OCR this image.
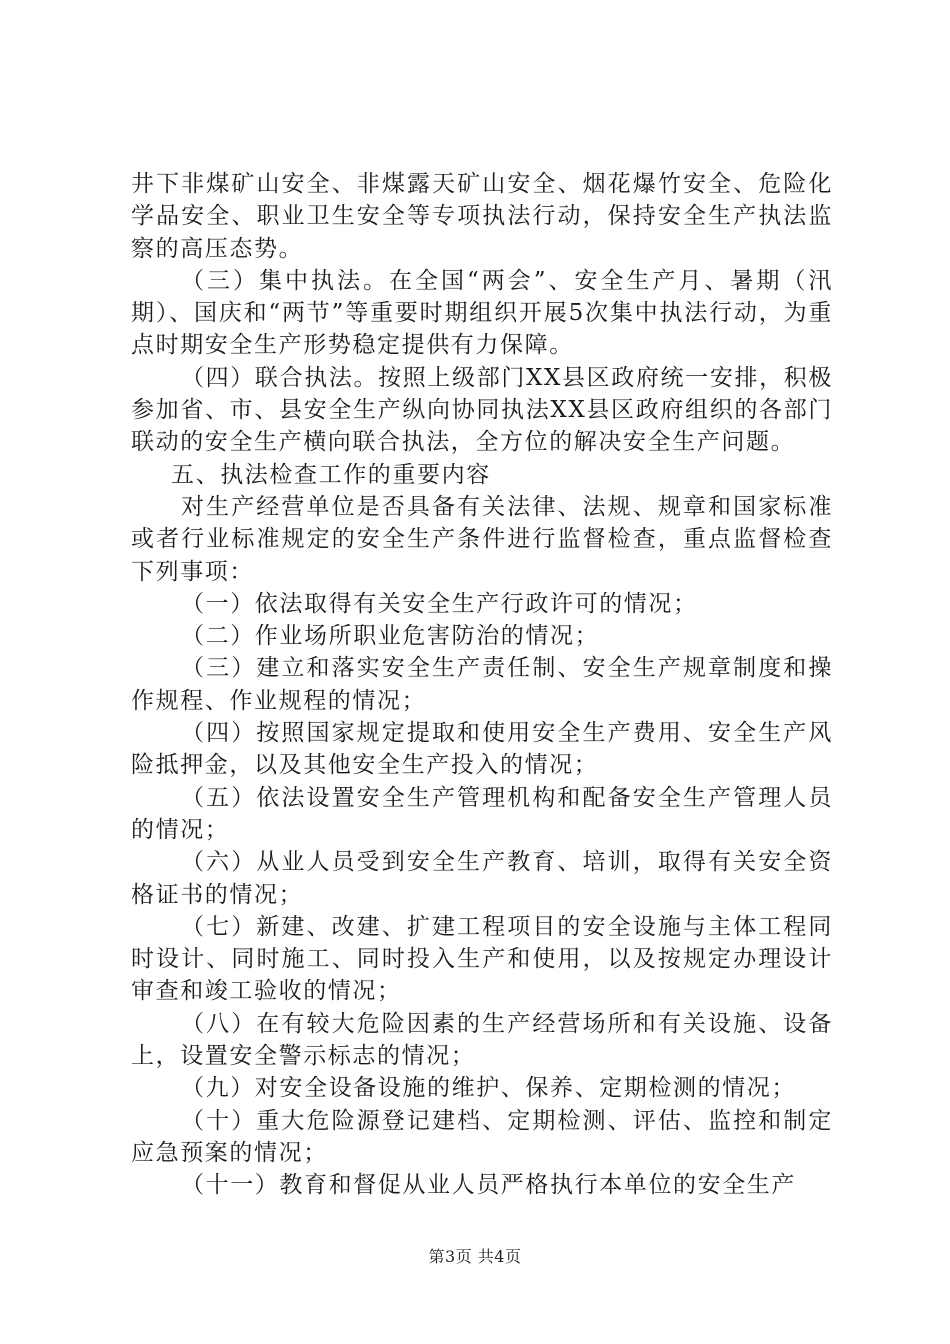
井下非煤矿山安全、非煤露天矿山安全、烟花爆竹安全、危险化学品安全、职业卫生安全等专项执法行动，保持安全生产执法监察的高压态势。

（三）集中执法。在全国“两会”、安全生产月、暑期（汛期）、国庆和“两节”等重要时期组织开展5次集中执法行动，为重点时期安全生产形势稳定提供有力保障。

（四）联合执法。按照上级部门XX县区政府统一安排，积极参加省、市、县安全生产纵向协同执法XX县区政府组织的各部门联动的安全生产横向联合执法，全方位的解决安全生产问题。

五、执法检查工作的重要内容

对生产经营单位是否具备有关法律、法规、规章和国家标准或者行业标准规定的安全生产条件进行监督检查，重点监督检查下列事项：

（一）依法取得有关安全生产行政许可的情况；

（二）作业场所职业危害防治的情况；

（三）建立和落实安全生产责任制、安全生产规章制度和操作规程、作业规程的情况；

（四）按照国家规定提取和使用安全生产费用、安全生产风险抵押金，以及其他安全生产投入的情况；

（五）依法设置安全生产管理机构和配备安全生产管理人员的情况；

（六）从业人员受到安全生产教育、培训，取得有关安全资格证书的情况；

（七）新建、改建、扩建工程项目的安全设施与主体工程同时设计、同时施工、同时投入生产和使用，以及按规定办理设计审查和竣工验收的情况；

（八）在有较大危险因素的生产经营场所和有关设施、设备上，设置安全警示标志的情况；

（九）对安全设备设施的维护、保养、定期检测的情况；

（十）重大危险源登记建档、定期检测、评估、监控和制定应急预案的情况；

（十一）教育和督促从业人员严格执行本单位的安全生产

第3页 共4页
